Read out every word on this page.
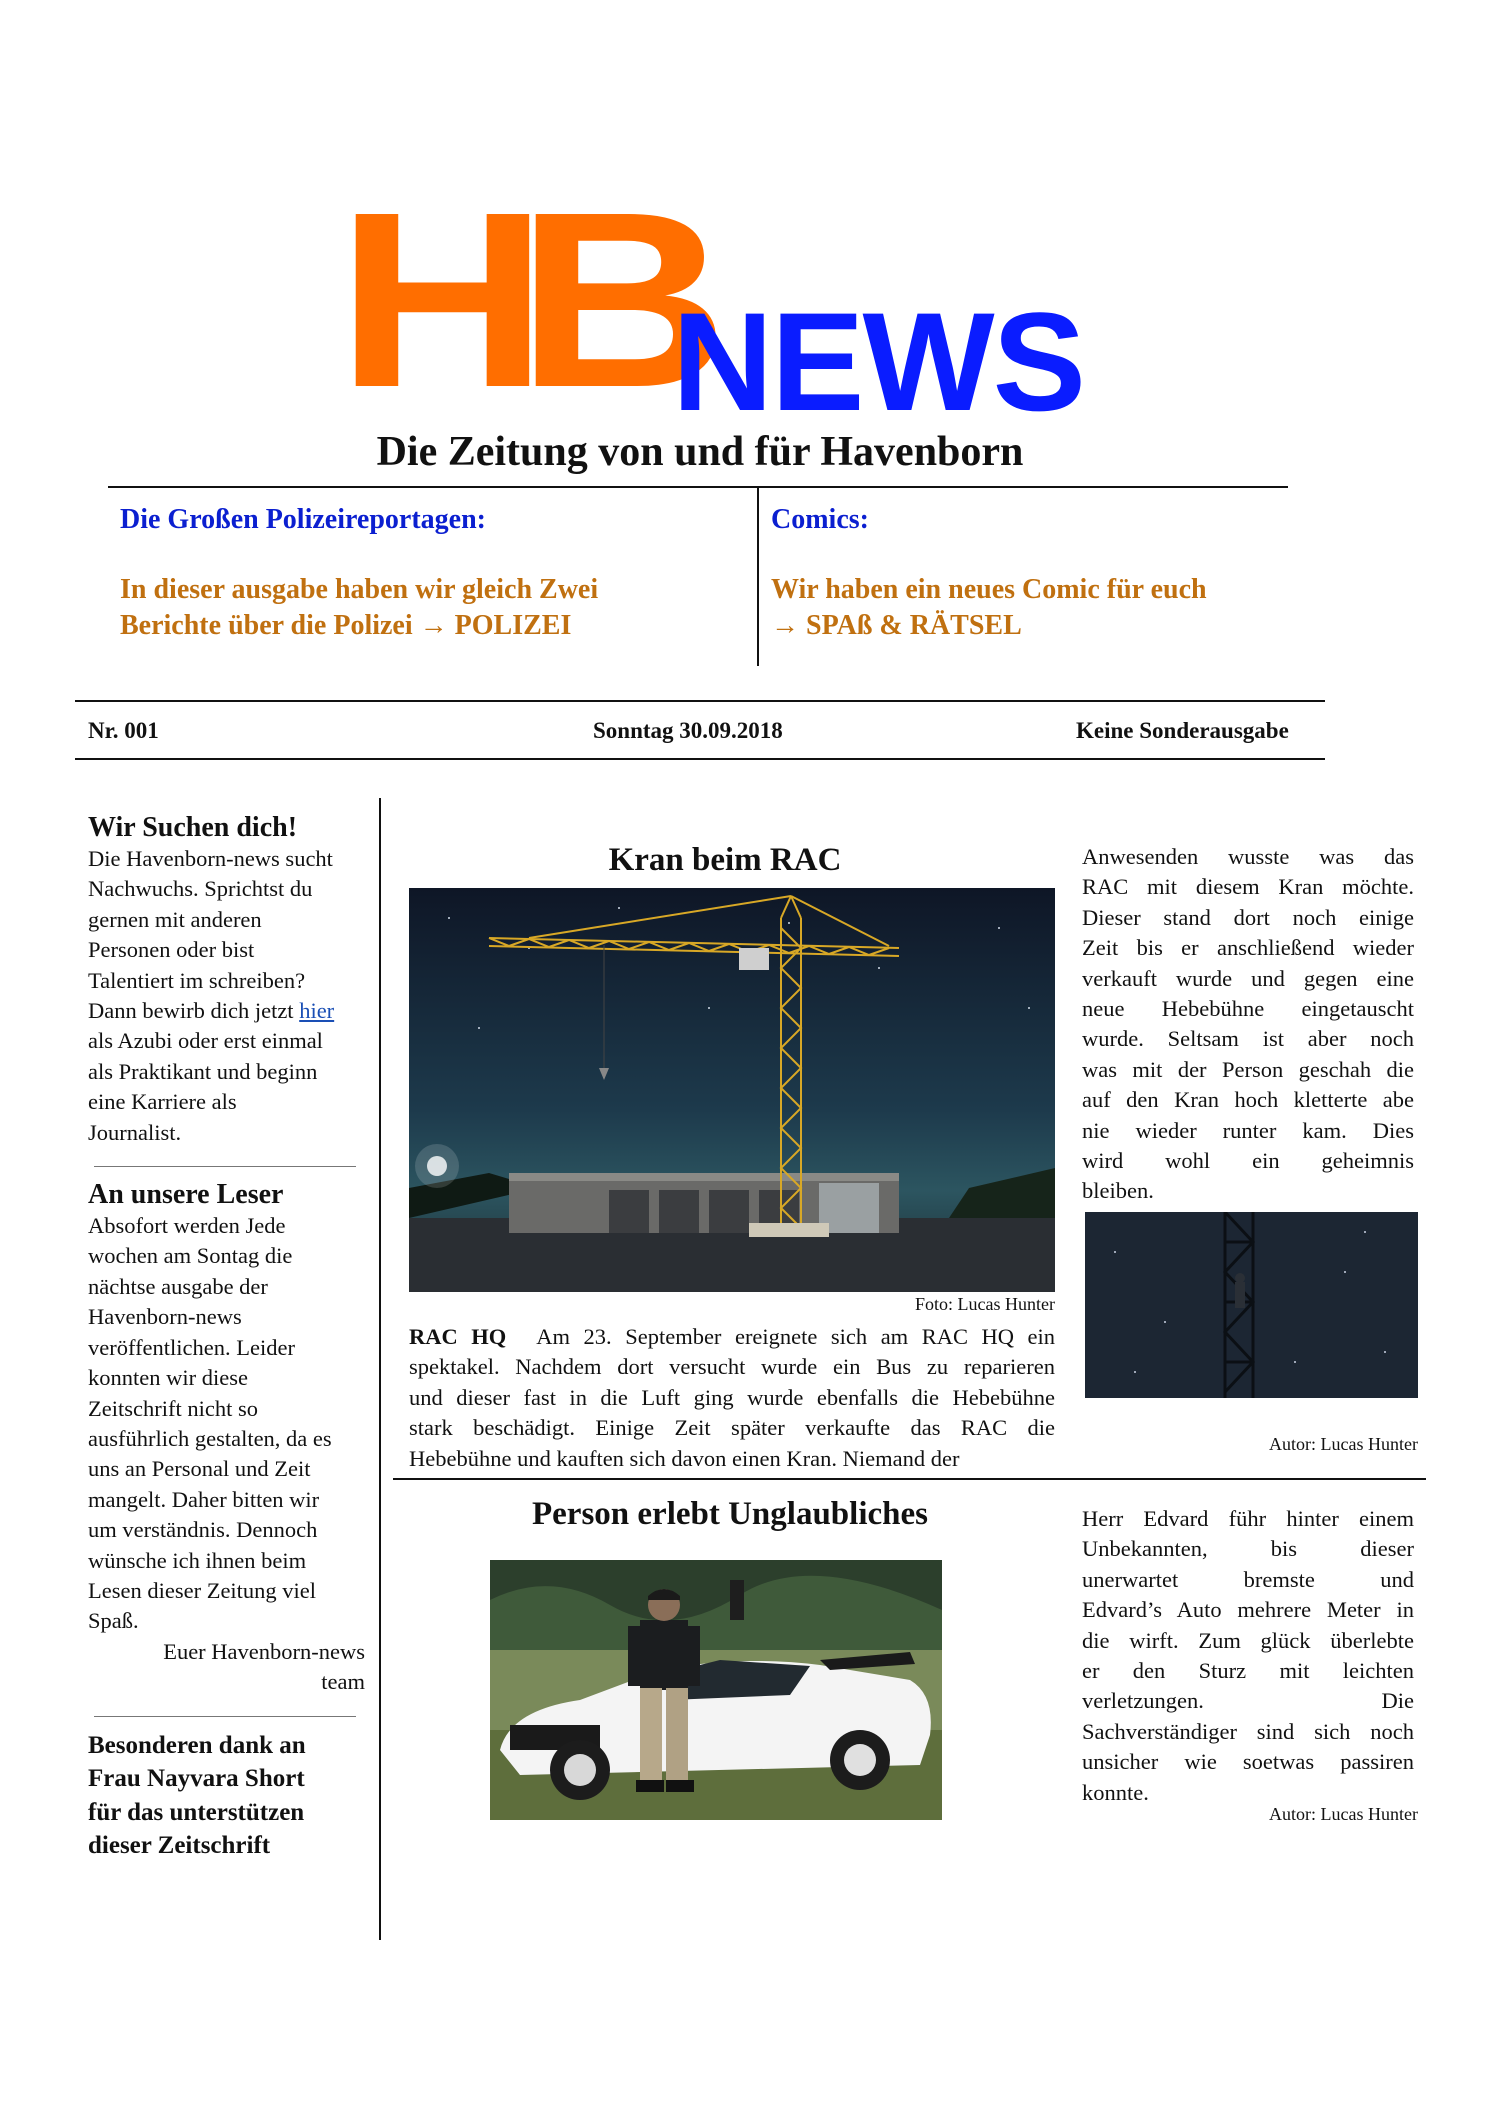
HB
NEWS
Die Zeitung von und für Havenborn
Die Großen Polizeireportagen:
In dieser ausgabe haben wir gleich Zwei
Berichte über die Polizei → POLIZEI
Comics:
Wir haben ein neues Comic für euch
→ SPAß & RÄTSEL
Nr. 001	Sonntag 30.09.2018	Keine Sonderausgabe
Wir Suchen dich!
Die Havenborn-news sucht
Nachwuchs. Sprichtst du
gernen mit anderen
Personen oder bist
Talentiert im schreiben?
Dann bewirb dich jetzt hier
als Azubi oder erst einmal
als Praktikant und beginn
eine Karriere als
Journalist.
An unsere Leser
Absofort werden Jede
wochen am Sontag die
nächtse ausgabe der
Havenborn-news
veröffentlichen. Leider
konnten wir diese
Zeitschrift nicht so
ausführlich gestalten, da es
uns an Personal und Zeit
mangelt. Daher bitten wir
um verständnis. Dennoch
wünsche ich ihnen beim
Lesen dieser Zeitung viel
Spaß.
Euer Havenborn-news
team
Besonderen dank an
Frau Nayvara Short
für das unterstützen
dieser Zeitschrift
Kran beim RAC
Foto: Lucas Hunter
RAC HQ Am 23. September ereignete sich am RAC HQ ein
spektakel. Nachdem dort versucht wurde ein Bus zu reparieren
und dieser fast in die Luft ging wurde ebenfalls die Hebebühne
stark beschädigt. Einige Zeit später verkaufte das RAC die
Hebebühne und kauften sich davon einen Kran. Niemand der
Anwesenden wusste was das
RAC mit diesem Kran möchte.
Dieser stand dort noch einige
Zeit bis er anschließend wieder
verkauft wurde und gegen eine
neue Hebebühne eingetauscht
wurde. Seltsam ist aber noch
was mit der Person geschah die
auf den Kran hoch kletterte abe
nie wieder runter kam. Dies
wird wohl ein geheimnis
bleiben.
Autor: Lucas Hunter
Person erlebt Unglaubliches	Herr Edvard führ hinter einem
Unbekannten, bis dieser
unerwartet bremste und
Edvard’s Auto mehrere Meter in
die wirft. Zum glück überlebte
er den Sturz mit leichten
verletzungen. Die
Sachverständiger sind sich noch
unsicher wie soetwas passiren
konnte.
Autor: Lucas Hunter
